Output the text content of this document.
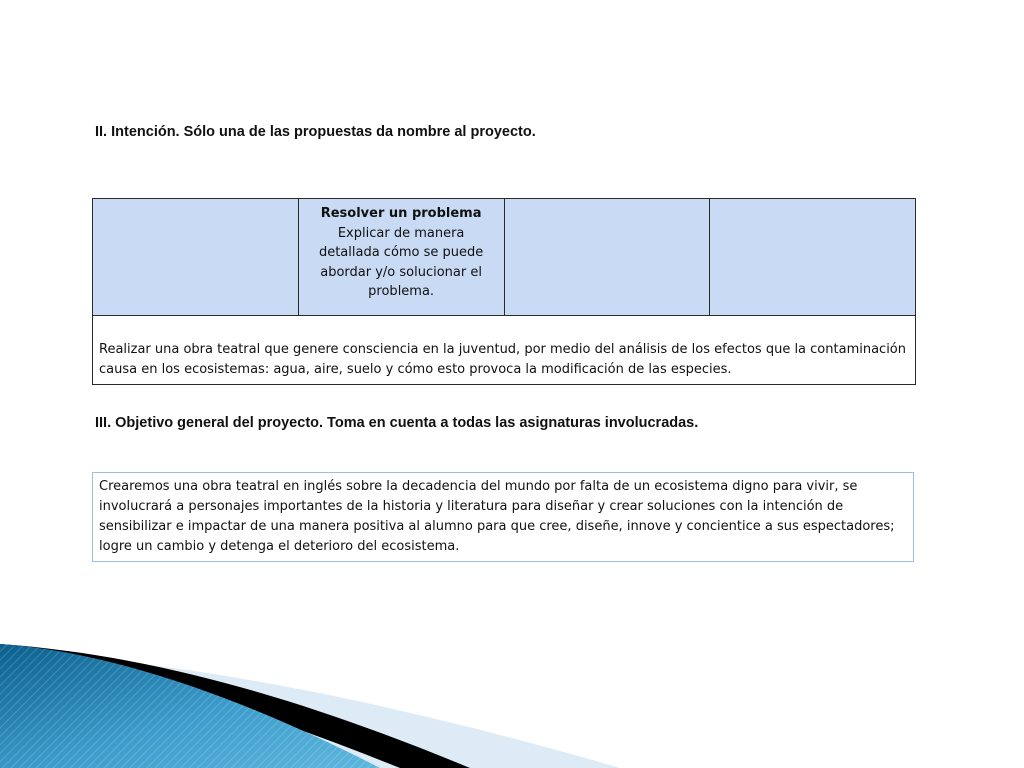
II. Intención. Sólo una de las propuestas da nombre al proyecto.

Resolver un problema
Explicar de manera detallada cómo se puede abordar y/o solucionar el problema.	

Realizar una obra teatral que genere consciencia en la juventud, por medio del análisis de los efectos que la contaminación causa en los ecosistemas: agua, aire, suelo y cómo esto provoca la modificación de las especies.
III. Objetivo general del proyecto. Toma en cuenta a todas las asignaturas involucradas.
Crearemos una obra teatral en inglés sobre la decadencia del mundo por falta de un ecosistema digno para vivir, se involucrará a personajes importantes de la historia y literatura para diseñar y crear soluciones con la intención de sensibilizar e impactar de una manera positiva al alumno para que cree, diseñe, innove y concientice a sus espectadores; logre un cambio y detenga el deterioro del ecosistema.
